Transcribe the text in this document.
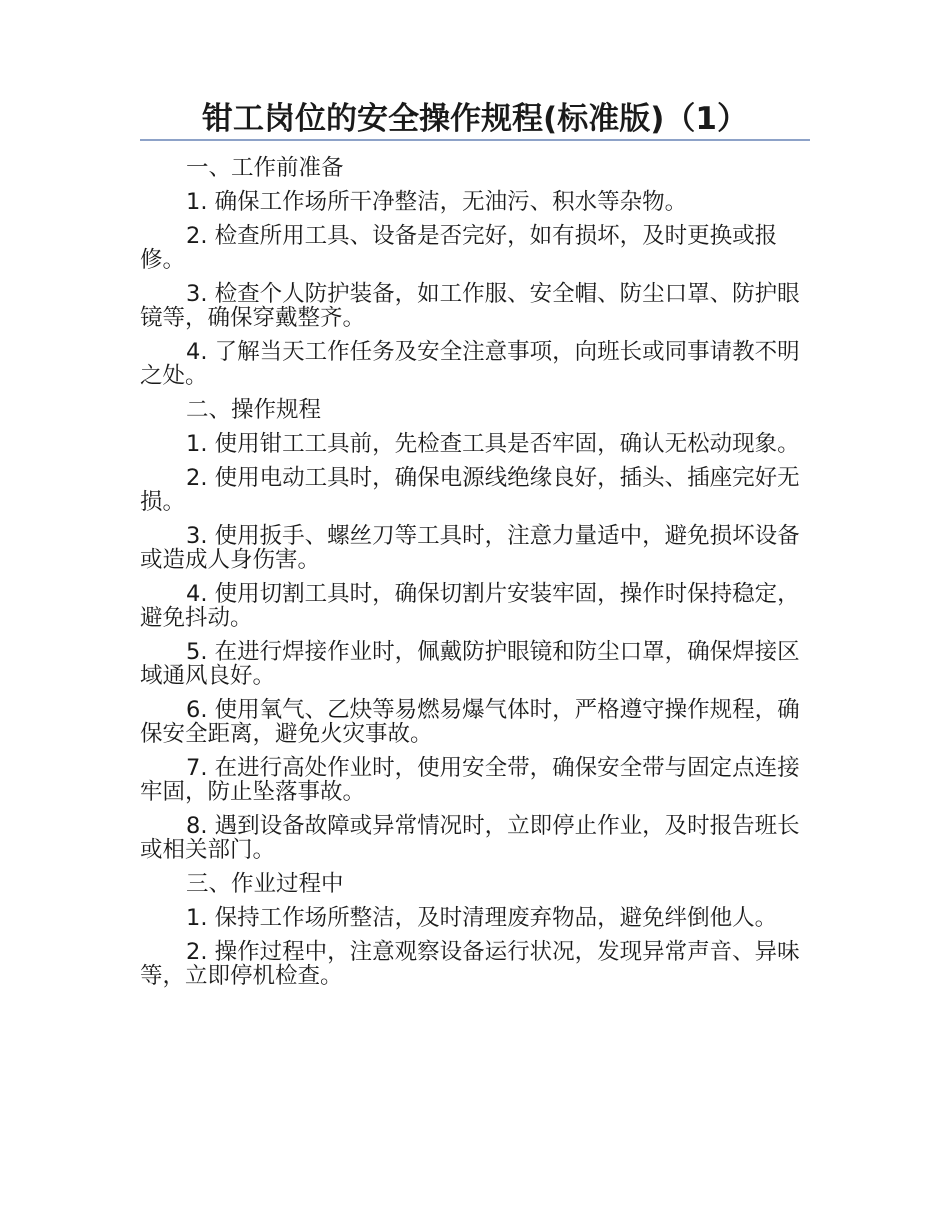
钳工岗位的安全操作规程(标准版)（1）

一、工作前准备

1. 确保工作场所干净整洁，无油污、积水等杂物。

2. 检查所用工具、设备是否完好，如有损坏，及时更换或报修。

3. 检查个人防护装备，如工作服、安全帽、防尘口罩、防护眼镜等，确保穿戴整齐。

4. 了解当天工作任务及安全注意事项，向班长或同事请教不明之处。

二、操作规程

1. 使用钳工工具前，先检查工具是否牢固，确认无松动现象。

2. 使用电动工具时，确保电源线绝缘良好，插头、插座完好无损。

3. 使用扳手、螺丝刀等工具时，注意力量适中，避免损坏设备或造成人身伤害。

4. 使用切割工具时，确保切割片安装牢固，操作时保持稳定，避免抖动。

5. 在进行焊接作业时，佩戴防护眼镜和防尘口罩，确保焊接区域通风良好。

6. 使用氧气、乙炔等易燃易爆气体时，严格遵守操作规程，确保安全距离，避免火灾事故。

7. 在进行高处作业时，使用安全带，确保安全带与固定点连接牢固，防止坠落事故。

8. 遇到设备故障或异常情况时，立即停止作业，及时报告班长或相关部门。

三、作业过程中

1. 保持工作场所整洁，及时清理废弃物品，避免绊倒他人。

2. 操作过程中，注意观察设备运行状况，发现异常声音、异味等，立即停机检查。
